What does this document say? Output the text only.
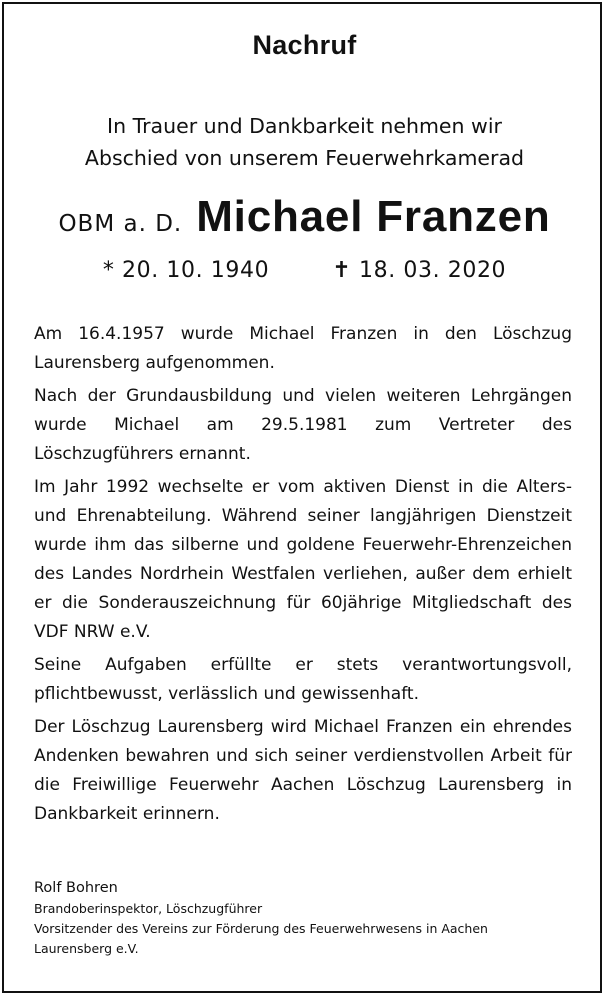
Nachruf
In Trauer und Dankbarkeit nehmen wir
Abschied von unserem Feuerwehrkamerad
OBM a. D. Michael Franzen
* 20. 10. 1940	✝ 18. 03. 2020

Am 16.4.1957 wurde Michael Franzen in den Löschzug Laurensberg aufgenommen.

Nach der Grundausbildung und vielen weiteren Lehrgängen wurde Michael am 29.5.1981 zum Vertreter des Löschzugführers ernannt.

Im Jahr 1992 wechselte er vom aktiven Dienst in die Alters- und Ehrenabteilung. Während seiner langjährigen Dienstzeit wurde ihm das silberne und goldene Feuerwehr-Ehrenzeichen des Landes Nordrhein Westfalen verliehen, außer dem erhielt er die Sonderauszeichnung für 60jährige Mitgliedschaft des VDF NRW e.V.

Seine Aufgaben erfüllte er stets verantwortungsvoll, pflichtbewusst, verlässlich und gewissenhaft.

Der Löschzug Laurensberg wird Michael Franzen ein ehrendes Andenken bewahren und sich seiner verdienstvollen Arbeit für die Freiwillige Feuerwehr Aachen Löschzug Laurensberg in Dankbarkeit erinnern.

Rolf Bohren
Brandoberinspektor, Löschzugführer
Vorsitzender des Vereins zur Förderung des Feuerwehrwesens in Aachen
Laurensberg e.V.
